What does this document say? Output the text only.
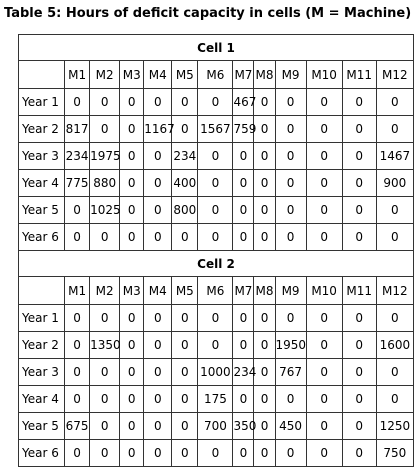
Table 5: Hours of deficit capacity in cells (M = Machine)
Cell 1												
	M1	M2	M3	M4	M5	M6	M7	M8	M9	M10	M11	M12
Year 1	0	0	0	0	0	0	467	0	0	0	0	0
Year 2	817	0	0	1167	0	1567	759	0	0	0	0	0
Year 3	234	1975	0	0	234	0	0	0	0	0	0	1467
Year 4	775	880	0	0	400	0	0	0	0	0	0	900
Year 5	0	1025	0	0	800	0	0	0	0	0	0	0
Year 6	0	0	0	0	0	0	0	0	0	0	0	0
Cell 2												
	M1	M2	M3	M4	M5	M6	M7	M8	M9	M10	M11	M12
Year 1	0	0	0	0	0	0	0	0	0	0	0	0
Year 2	0	1350	0	0	0	0	0	0	1950	0	0	1600
Year 3	0	0	0	0	0	1000	234	0	767	0	0	0
Year 4	0	0	0	0	0	175	0	0	0	0	0	0
Year 5	675	0	0	0	0	700	350	0	450	0	0	1250
Year 6	0	0	0	0	0	0	0	0	0	0	0	750
